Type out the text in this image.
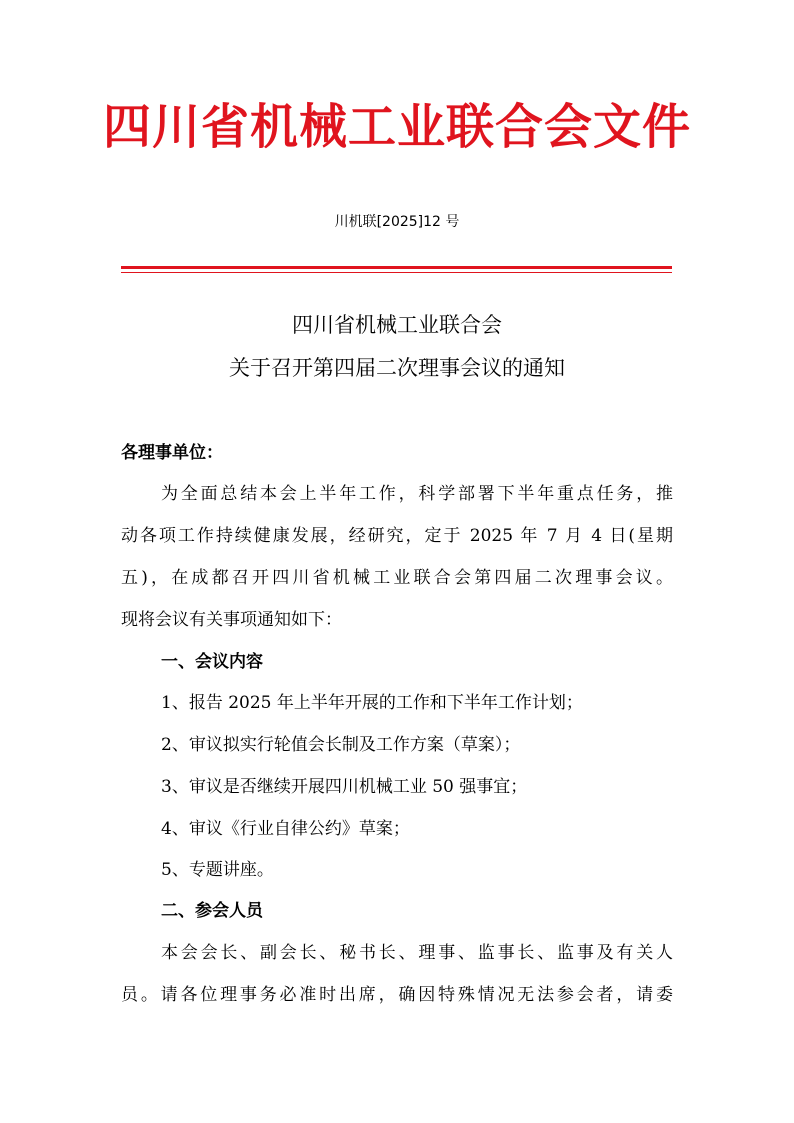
四川省机械工业联合会文件
川机联[2025]12 号
四川省机械工业联合会
关于召开第四届二次理事会议的通知
各理事单位：
为全面总结本会上半年工作，科学部署下半年重点任务，推
动各项工作持续健康发展，经研究，定于 2025 年 7 月 4 日(星期
五)，在成都召开四川省机械工业联合会第四届二次理事会议。
现将会议有关事项通知如下：
一、会议内容
1、报告 2025 年上半年开展的工作和下半年工作计划；
2、审议拟实行轮值会长制及工作方案（草案）；
3、审议是否继续开展四川机械工业 50 强事宜；
4、审议《行业自律公约》草案；
5、专题讲座。
二、参会人员
本会会长、副会长、秘书长、理事、监事长、监事及有关人
员。请各位理事务必准时出席，确因特殊情况无法参会者，请委
